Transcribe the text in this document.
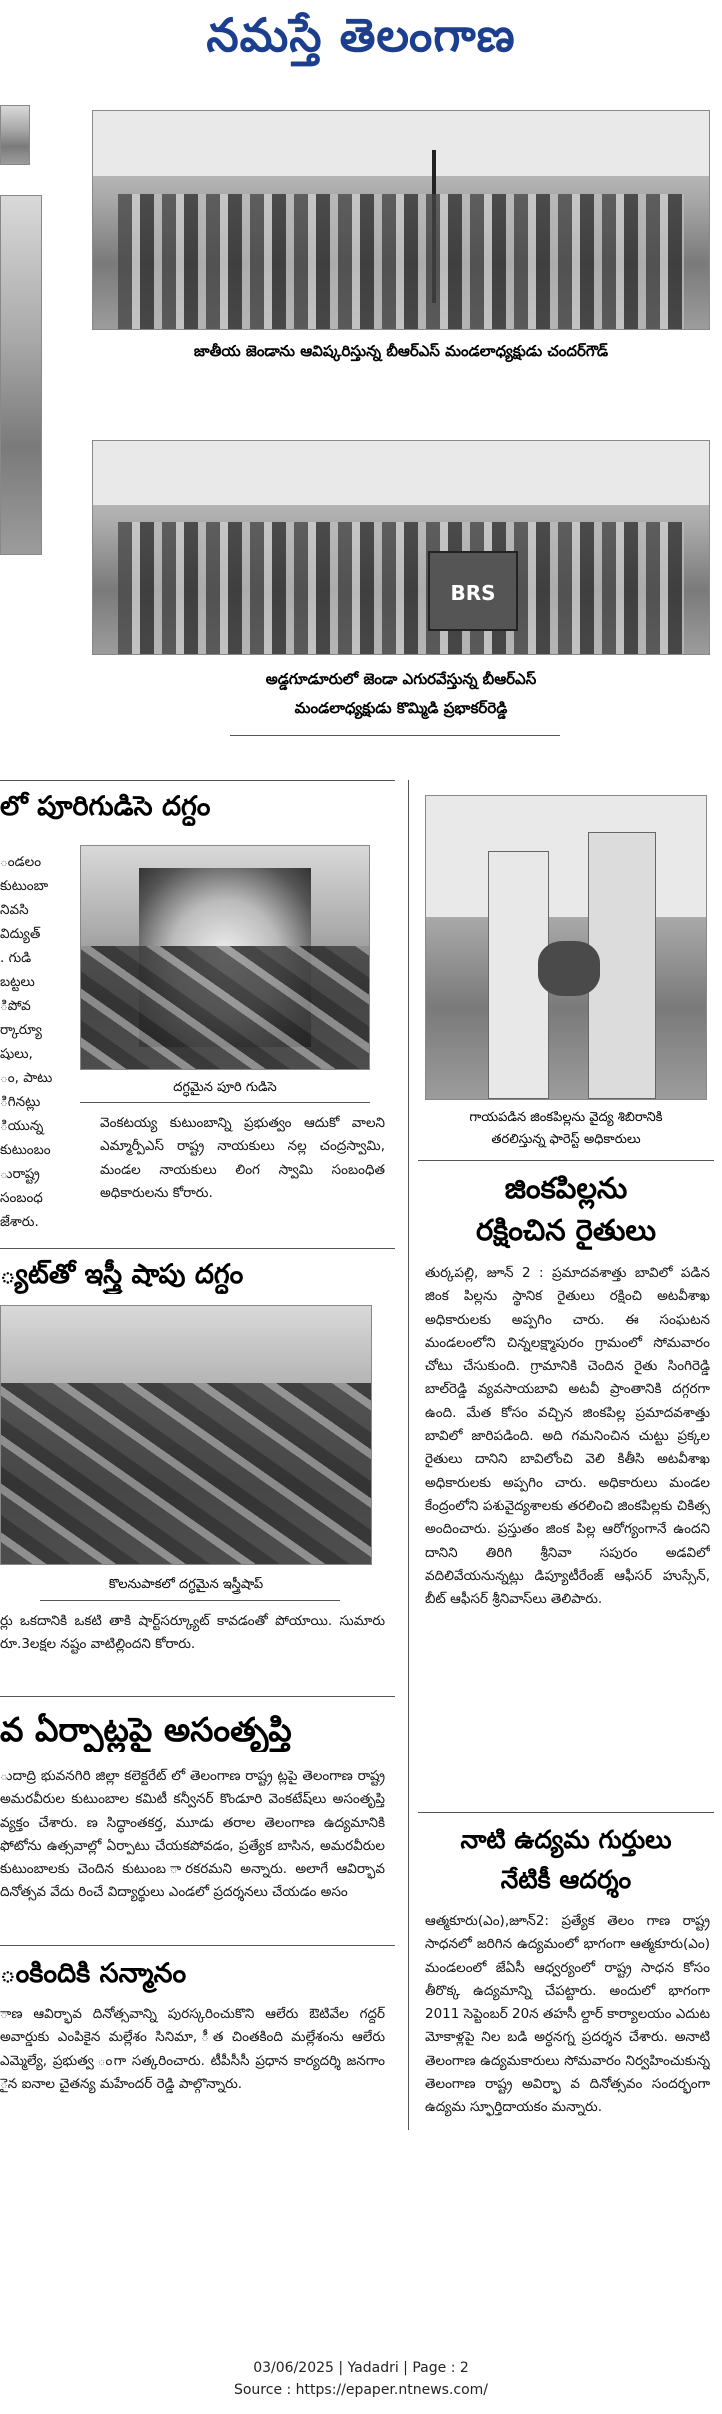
నమస్తే తెలంగాణ
జాతీయ జెండాను ఆవిష్కరిస్తున్న బీఆర్ఎస్ మండలాధ్యక్షుడు చందర్‌గౌడ్
BRS
అడ్డగూడూరులో జెండా ఎగురవేస్తున్న బీఆర్ఎస్
మండలాధ్యక్షుడు కొమ్మిడి ప్రభాకర్‌రెడ్డి
లో పూరిగుడిసె దగ్ధం
ండలం
కుటుంబా
నివసి
విద్యుత్
. గుడి
బట్టలు
ిపోవ
ర్కార్యూ
షులు,
ం, పాటు
ిగినట్లు
ియున్న
కుటుంబం
ురాష్ట్ర
సంబంధ
జేశారు.
దగ్ధమైన పూరి గుడిసె
వెంకటయ్య కుటుంబాన్ని ప్రభుత్వం ఆదుకో వాలని ఎమ్మార్పీఎస్ రాష్ట్ర నాయకులు నల్ల చంద్రస్వామి, మండల నాయకులు లింగ స్వామి సంబంధిత అధికారులను కోరారు.
్యట్‌తో ఇస్త్రీ షాపు దగ్ధం
కొలనుపాకలో దగ్ధమైన ఇస్త్రీషాప్
ర్లు ఒకదానికి ఒకటి తాకి షార్ట్‌సర్క్యూట్ కావడంతో పోయాయి. సుమారు రూ.3లక్షల నష్టం వాటిల్లిందని కోరారు.
వ ఏర్పాట్లపై అసంతృప్తి
ుదాద్రి భువనగిరి జిల్లా కలెక్టరేట్ లో తెలంగాణ రాష్ట్ర ట్లపై తెలంగాణ రాష్ట్ర అమరవీరుల కుటుంబాల కమిటీ కన్వీనర్ కొండూరి వెంకటేష్‌లు అసంతృప్తి వ్యక్తం చేశారు. ణ సిద్ధాంతకర్త, మూడు తరాల తెలంగాణ ఉద్యమానికి ఫోటోను ఉత్సవాల్లో ఏర్పాటు చేయకపోవడం, ప్రత్యేక బాసిన, అమరవీరుల కుటుంబాలకు చెందిన కుటుంబ ారకరమని అన్నారు. అలాగే ఆవిర్భావ దినోత్సవ వేదు రించే విద్యార్థులు ఎండలో ప్రదర్శనలు చేయడం అసం
ంకిందికి సన్మానం
ాణ ఆవిర్భావ దినోత్సవాన్ని పురస్కరించుకొని ఆలేరు ఔటివేల గద్దర్ అవార్డుకు ఎంపికైన మల్లేశం సినిమా, ీత చింతకింది మల్లేశంను ఆలేరు ఎమ్మెల్యే, ప్రభుత్వ ంగా సత్కరించారు. టీపీసీసీ ప్రధాన కార్యదర్శి జనగాం ైన ఐనాల చైతన్య మహేందర్ రెడ్డి పాల్గొన్నారు.
గాయపడిన జింకపిల్లను వైద్య శిబిరానికి
తరలిస్తున్న ఫారెస్ట్ అధికారులు
జింకపిల్లను
రక్షించిన రైతులు
తుర్కపల్లి, జూన్ 2 : ప్రమాదవశాత్తు బావిలో పడిన జింక పిల్లను స్థానిక రైతులు రక్షించి అటవీశాఖ అధికారులకు అప్పగిం చారు. ఈ సంఘటన మండలంలోని చిన్నలక్ష్మాపురం గ్రామంలో సోమవారం చోటు చేసుకుంది. గ్రామానికి చెందిన రైతు సింగిరెడ్డి బాల్‌రెడ్డి వ్యవసాయబావి అటవీ ప్రాంతానికి దగ్గరగా ఉంది. మేత కోసం వచ్చిన జింకపిల్ల ప్రమాదవశాత్తు బావిలో జారిపడింది. అది గమనించిన చుట్టు ప్రక్కల రైతులు దానిని బావిలోంచి వెలి కితీసి అటవీశాఖ అధికారులకు అప్పగిం చారు. అధికారులు మండల కేంద్రంలోని పశువైద్యశాలకు తరలించి జింకపిల్లకు చికిత్స అందించారు. ప్రస్తుతం జింక పిల్ల ఆరోగ్యంగానే ఉందని దానిని తిరిగి శ్రీనివా సపురం అడవిలో వదిలివేయనున్నట్లు డిప్యూటీరేంజ్ ఆఫీసర్ హుస్సేన్, బీట్ ఆఫీసర్ శ్రీనివాస్‌లు తెలిపారు.
నాటి ఉద్యమ గుర్తులు
నేటికీ ఆదర్శం
ఆత్మకూరు(ఎం),జూన్2: ప్రత్యేక తెలం గాణ రాష్ట్ర సాధనలో జరిగిన ఉద్యమంలో భాగంగా ఆత్మకూరు(ఎం) మండలంలో జేఏసీ ఆధ్వర్యంలో రాష్ట్ర సాధన కోసం తీరొక్క ఉద్యమాన్ని చేపట్టారు. అందులో భాగంగా 2011 సెప్టెంబర్ 20న తహసీ ల్దార్ కార్యాలయం ఎదుట మోకాళ్లపై నిల బడి అర్ధనగ్న ప్రదర్శన చేశారు. అనాటి తెలంగాణ ఉద్యమకారులు సోమవారం నిర్వహించుకున్న తెలంగాణ రాష్ట్ర అవిర్భా వ దినోత్సవం సందర్భంగా ఉద్యమ స్ఫూర్తిదాయకం మన్నారు.
03/06/2025 | Yadadri | Page : 2
Source : https://epaper.ntnews.com/
